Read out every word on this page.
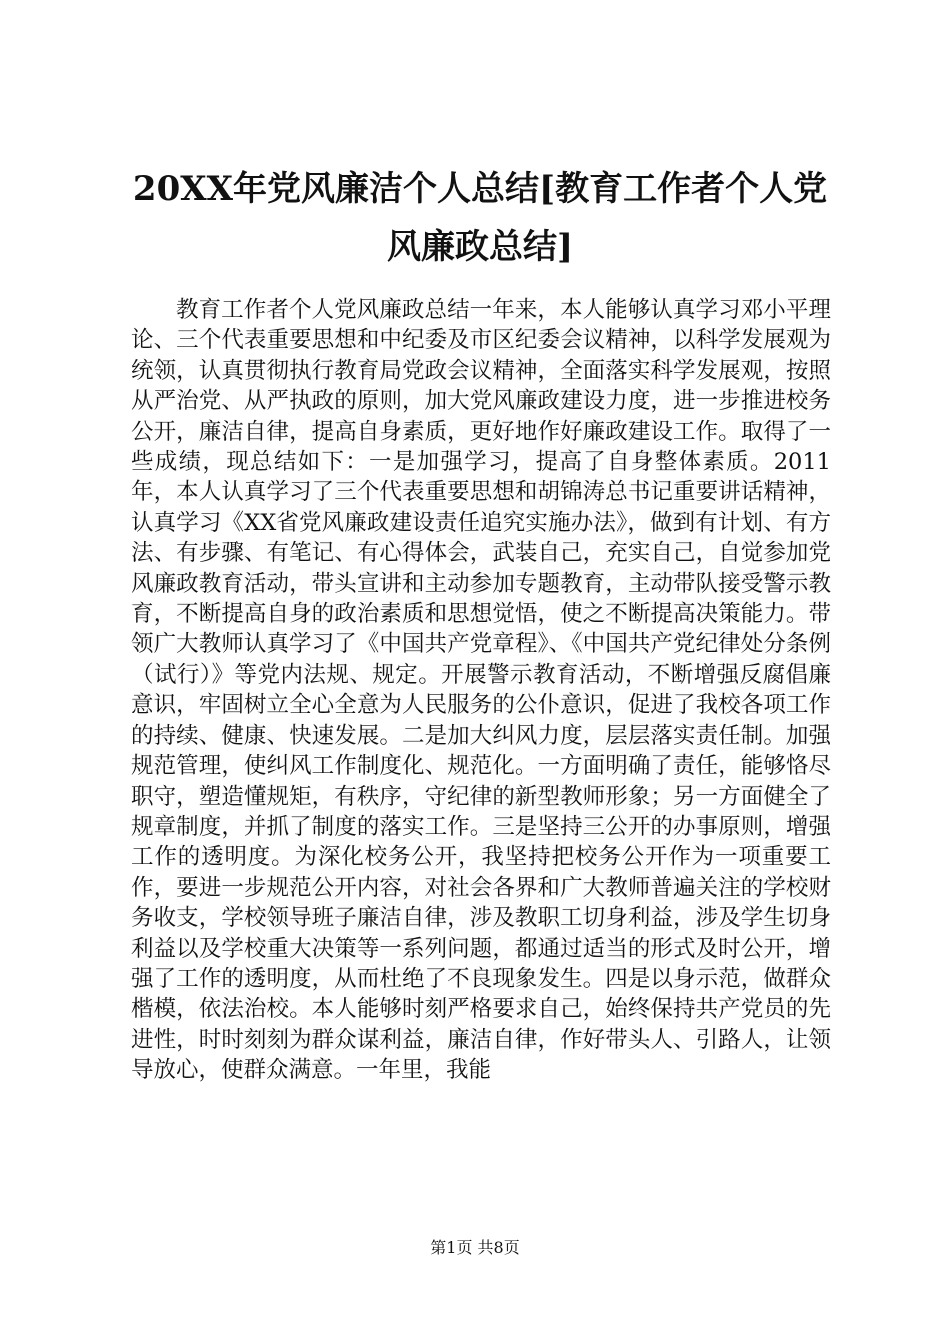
20XX年党风廉洁个人总结[教育工作者个人党风廉政总结]

教育工作者个人党风廉政总结一年来，本人能够认真学习邓小平理论、三个代表重要思想和中纪委及市区纪委会议精神，以科学发展观为统领，认真贯彻执行教育局党政会议精神，全面落实科学发展观，按照从严治党、从严执政的原则，加大党风廉政建设力度，进一步推进校务公开，廉洁自律，提高自身素质，更好地作好廉政建设工作。取得了一些成绩，现总结如下：一是加强学习，提高了自身整体素质。2011年，本人认真学习了三个代表重要思想和胡锦涛总书记重要讲话精神，认真学习《XX省党风廉政建设责任追究实施办法》，做到有计划、有方法、有步骤、有笔记、有心得体会，武装自己，充实自己，自觉参加党风廉政教育活动，带头宣讲和主动参加专题教育，主动带队接受警示教育，不断提高自身的政治素质和思想觉悟，使之不断提高决策能力。带领广大教师认真学习了《中国共产党章程》、《中国共产党纪律处分条例（试行）》等党内法规、规定。开展警示教育活动，不断增强反腐倡廉意识，牢固树立全心全意为人民服务的公仆意识，促进了我校各项工作的持续、健康、快速发展。二是加大纠风力度，层层落实责任制。加强规范管理，使纠风工作制度化、规范化。一方面明确了责任，能够恪尽职守，塑造懂规矩，有秩序，守纪律的新型教师形象；另一方面健全了规章制度，并抓了制度的落实工作。三是坚持三公开的办事原则，增强工作的透明度。为深化校务公开，我坚持把校务公开作为一项重要工作，要进一步规范公开内容，对社会各界和广大教师普遍关注的学校财务收支，学校领导班子廉洁自律，涉及教职工切身利益，涉及学生切身利益以及学校重大决策等一系列问题，都通过适当的形式及时公开，增强了工作的透明度，从而杜绝了不良现象发生。四是以身示范，做群众楷模，依法治校。本人能够时刻严格要求自己，始终保持共产党员的先进性，时时刻刻为群众谋利益，廉洁自律，作好带头人、引路人，让领导放心，使群众满意。一年里，我能

第1页 共8页
